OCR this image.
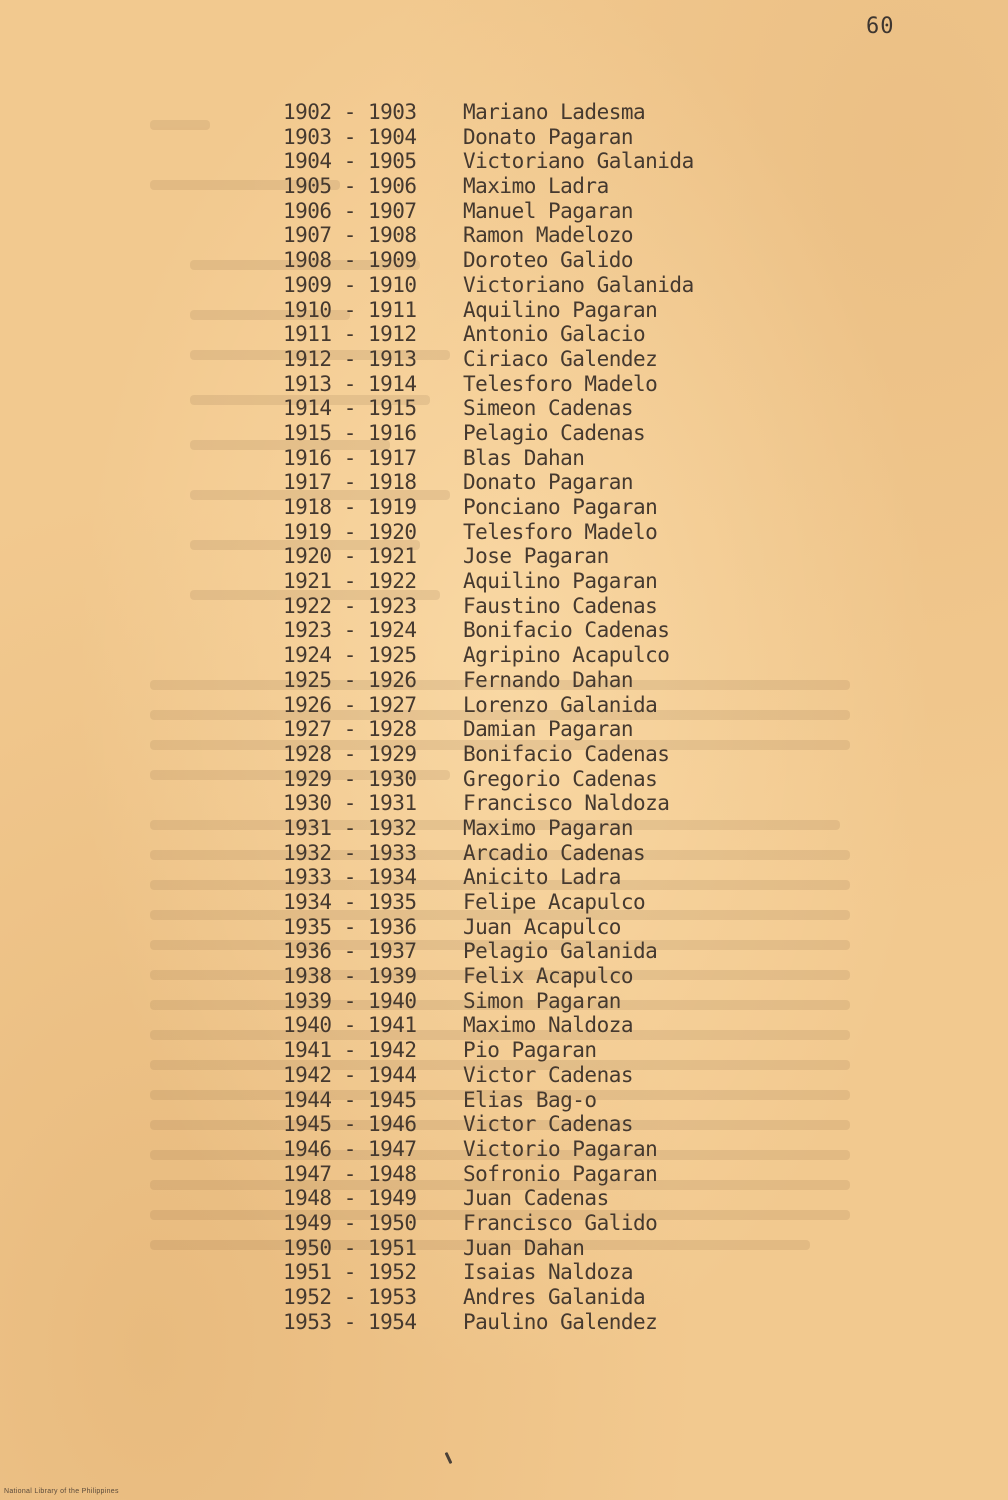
60
1902 - 1903 Mariano Ladesma
1903 - 1904 Donato Pagaran
1904 - 1905 Victoriano Galanida
1905 - 1906 Maximo Ladra
1906 - 1907 Manuel Pagaran
1907 - 1908 Ramon Madelozo
1908 - 1909 Doroteo Galido
1909 - 1910 Victoriano Galanida
1910 - 1911 Aquilino Pagaran
1911 - 1912 Antonio Galacio
1912 - 1913 Ciriaco Galendez
1913 - 1914 Telesforo Madelo
1914 - 1915 Simeon Cadenas
1915 - 1916 Pelagio Cadenas
1916 - 1917 Blas Dahan
1917 - 1918 Donato Pagaran
1918 - 1919 Ponciano Pagaran
1919 - 1920 Telesforo Madelo
1920 - 1921 Jose Pagaran
1921 - 1922 Aquilino Pagaran
1922 - 1923 Faustino Cadenas
1923 - 1924 Bonifacio Cadenas
1924 - 1925 Agripino Acapulco
1925 - 1926 Fernando Dahan
1926 - 1927 Lorenzo Galanida
1927 - 1928 Damian Pagaran
1928 - 1929 Bonifacio Cadenas
1929 - 1930 Gregorio Cadenas
1930 - 1931 Francisco Naldoza
1931 - 1932 Maximo Pagaran
1932 - 1933 Arcadio Cadenas
1933 - 1934 Anicito Ladra
1934 - 1935 Felipe Acapulco
1935 - 1936 Juan Acapulco
1936 - 1937 Pelagio Galanida
1938 - 1939 Felix Acapulco
1939 - 1940 Simon Pagaran
1940 - 1941 Maximo Naldoza
1941 - 1942 Pio Pagaran
1942 - 1944 Victor Cadenas
1944 - 1945 Elias Bag-o
1945 - 1946 Victor Cadenas
1946 - 1947 Victorio Pagaran
1947 - 1948 Sofronio Pagaran
1948 - 1949 Juan Cadenas
1949 - 1950 Francisco Galido
1950 - 1951 Juan Dahan
1951 - 1952 Isaias Naldoza
1952 - 1953 Andres Galanida
1953 - 1954 Paulino Galendez
National Library of the Philippines
